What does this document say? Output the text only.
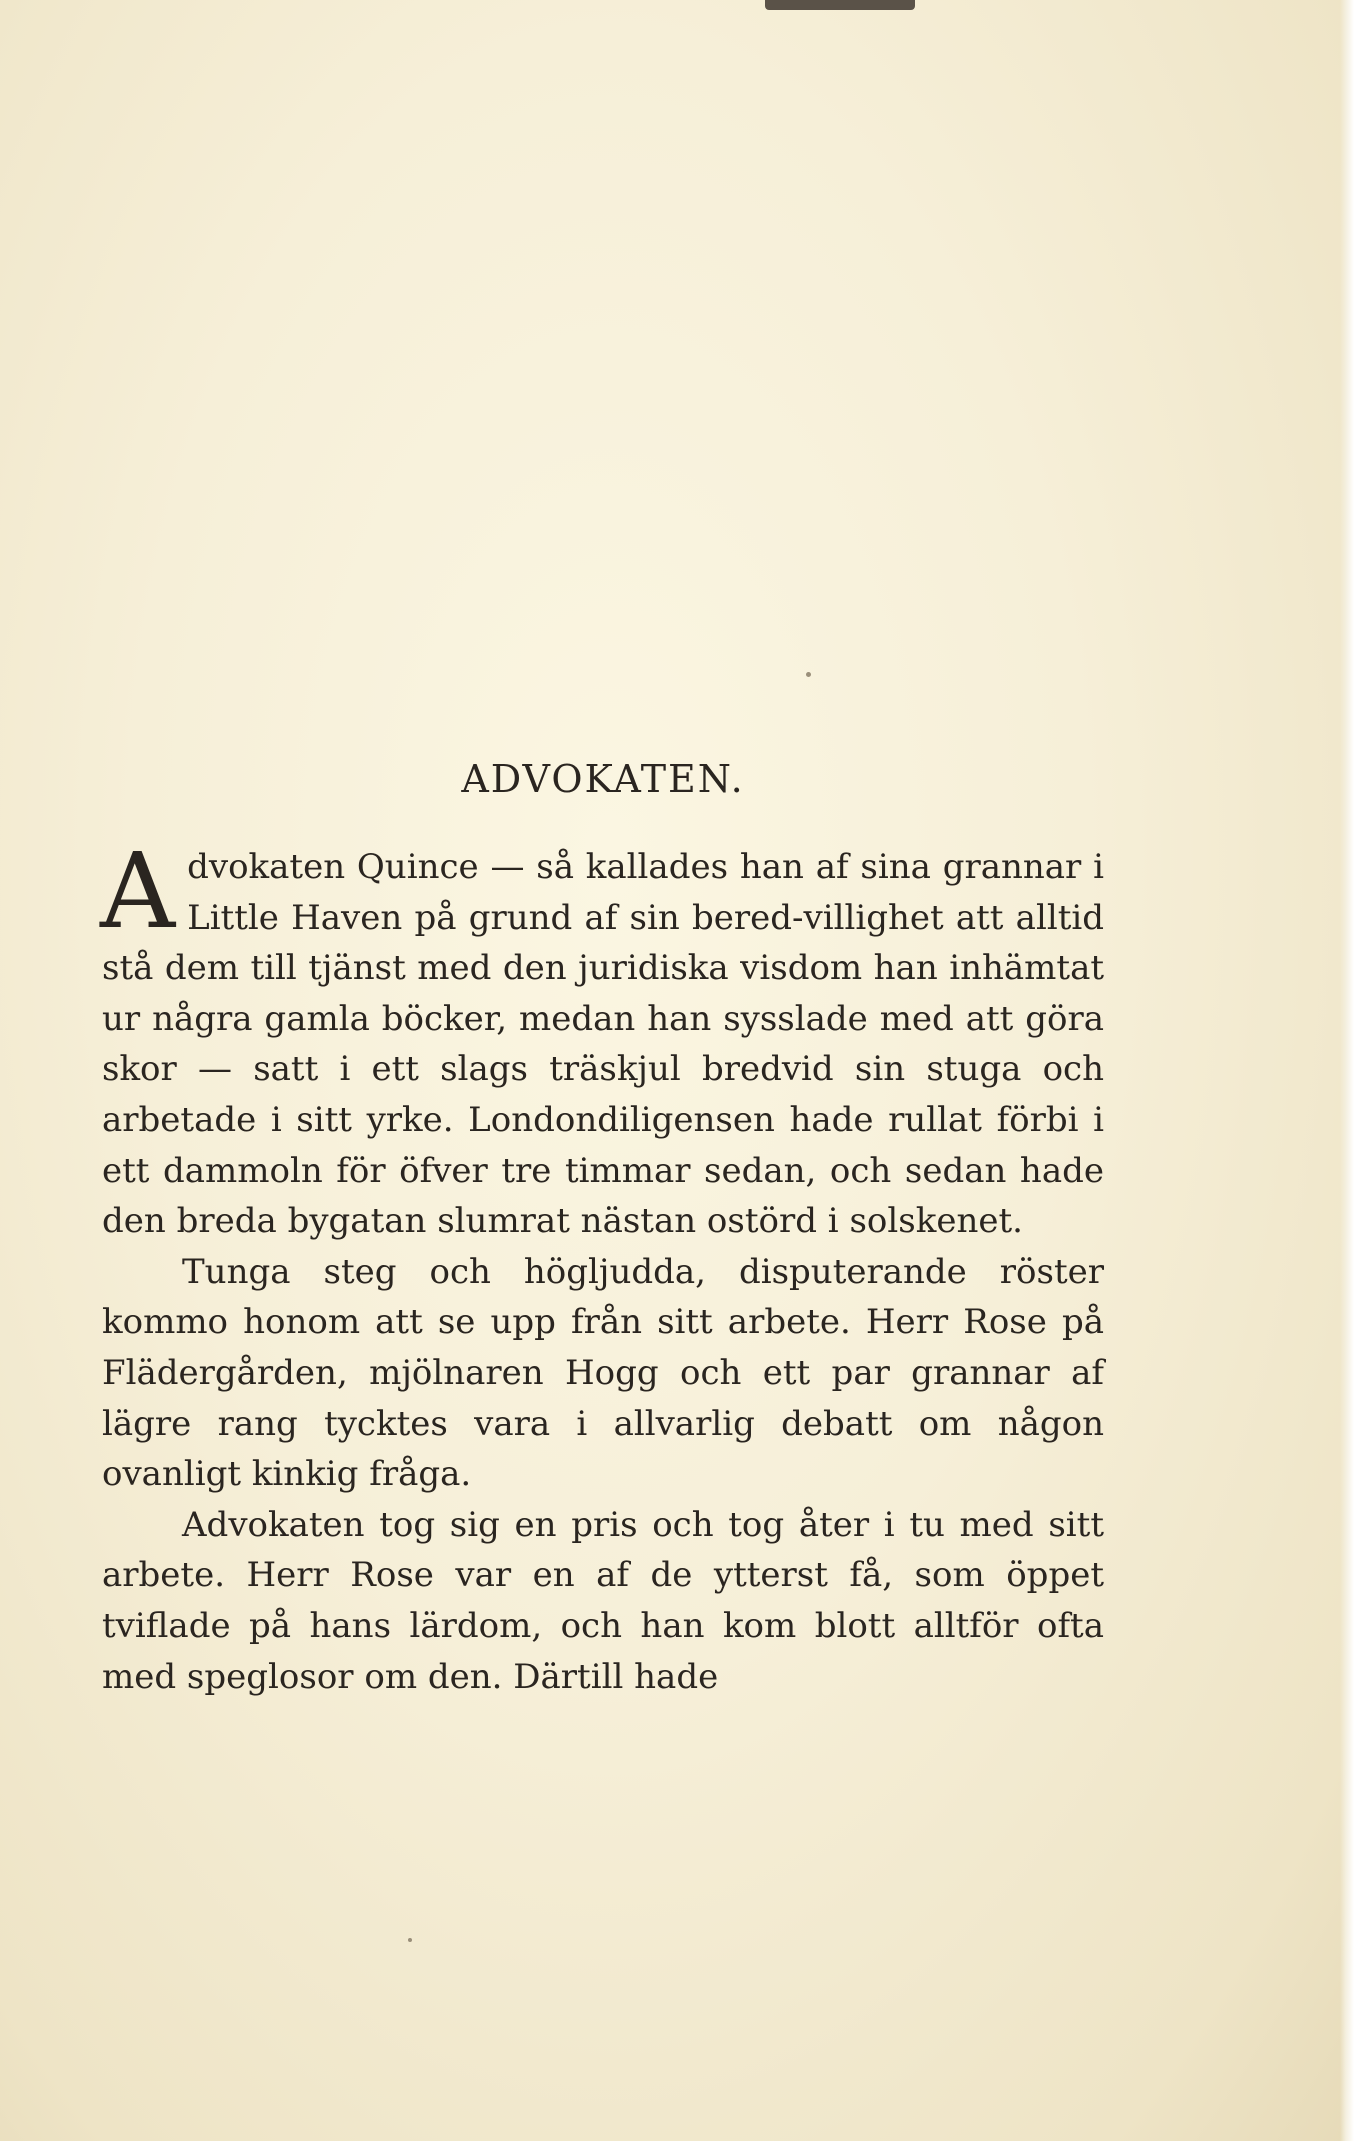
ADVOKATEN.

Advokaten Quince — så kallades han af sina grannar i Little Haven på grund af sin bered-villighet att alltid stå dem till tjänst med den juridiska visdom han inhämtat ur några gamla böcker, medan han sysslade med att göra skor — satt i ett slags träskjul bredvid sin stuga och arbetade i sitt yrke. Londondiligensen hade rullat förbi i ett dammoln för öfver tre timmar sedan, och sedan hade den breda bygatan slumrat nästan ostörd i solskenet.

Tunga steg och högljudda, disputerande röster kommo honom att se upp från sitt arbete. Herr Rose på Flädergården, mjölnaren Hogg och ett par grannar af lägre rang tycktes vara i allvarlig debatt om någon ovanligt kinkig fråga.

Advokaten tog sig en pris och tog åter i tu med sitt arbete. Herr Rose var en af de ytterst få, som öppet tviflade på hans lärdom, och han kom blott alltför ofta med speglosor om den. Därtill hade
